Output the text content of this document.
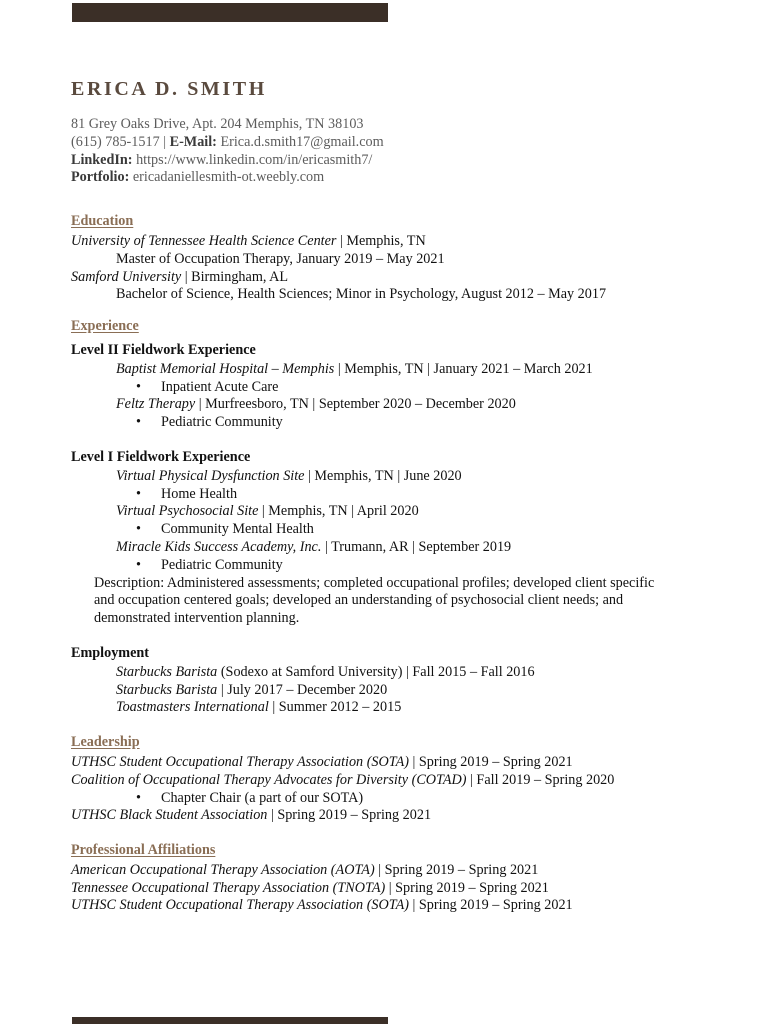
ERICA D. SMITH
81 Grey Oaks Drive, Apt. 204 Memphis, TN 38103
(615) 785-1517 | E-Mail: Erica.d.smith17@gmail.com
LinkedIn: https://www.linkedin.com/in/ericasmith7/
Portfolio: ericadaniellesmith-ot.weebly.com
Education
University of Tennessee Health Science Center | Memphis, TN
Master of Occupation Therapy, January 2019 – May 2021
Samford University | Birmingham, AL
Bachelor of Science, Health Sciences; Minor in Psychology, August 2012 – May 2017
Experience
Level II Fieldwork Experience
Baptist Memorial Hospital – Memphis | Memphis, TN | January 2021 – March 2021
• Inpatient Acute Care
Feltz Therapy | Murfreesboro, TN | September 2020 – December 2020
• Pediatric Community
Level I Fieldwork Experience
Virtual Physical Dysfunction Site | Memphis, TN | June 2020
• Home Health
Virtual Psychosocial Site | Memphis, TN | April 2020
• Community Mental Health
Miracle Kids Success Academy, Inc. | Trumann, AR | September 2019
• Pediatric Community
Description: Administered assessments; completed occupational profiles; developed client specific
and occupation centered goals; developed an understanding of psychosocial client needs; and
demonstrated intervention planning.
Employment
Starbucks Barista (Sodexo at Samford University) | Fall 2015 – Fall 2016
Starbucks Barista | July 2017 – December 2020
Toastmasters International | Summer 2012 – 2015
Leadership
UTHSC Student Occupational Therapy Association (SOTA) | Spring 2019 – Spring 2021
Coalition of Occupational Therapy Advocates for Diversity (COTAD) | Fall 2019 – Spring 2020
• Chapter Chair (a part of our SOTA)
UTHSC Black Student Association | Spring 2019 – Spring 2021
Professional Affiliations
American Occupational Therapy Association (AOTA) | Spring 2019 – Spring 2021
Tennessee Occupational Therapy Association (TNOTA) | Spring 2019 – Spring 2021
UTHSC Student Occupational Therapy Association (SOTA) | Spring 2019 – Spring 2021
